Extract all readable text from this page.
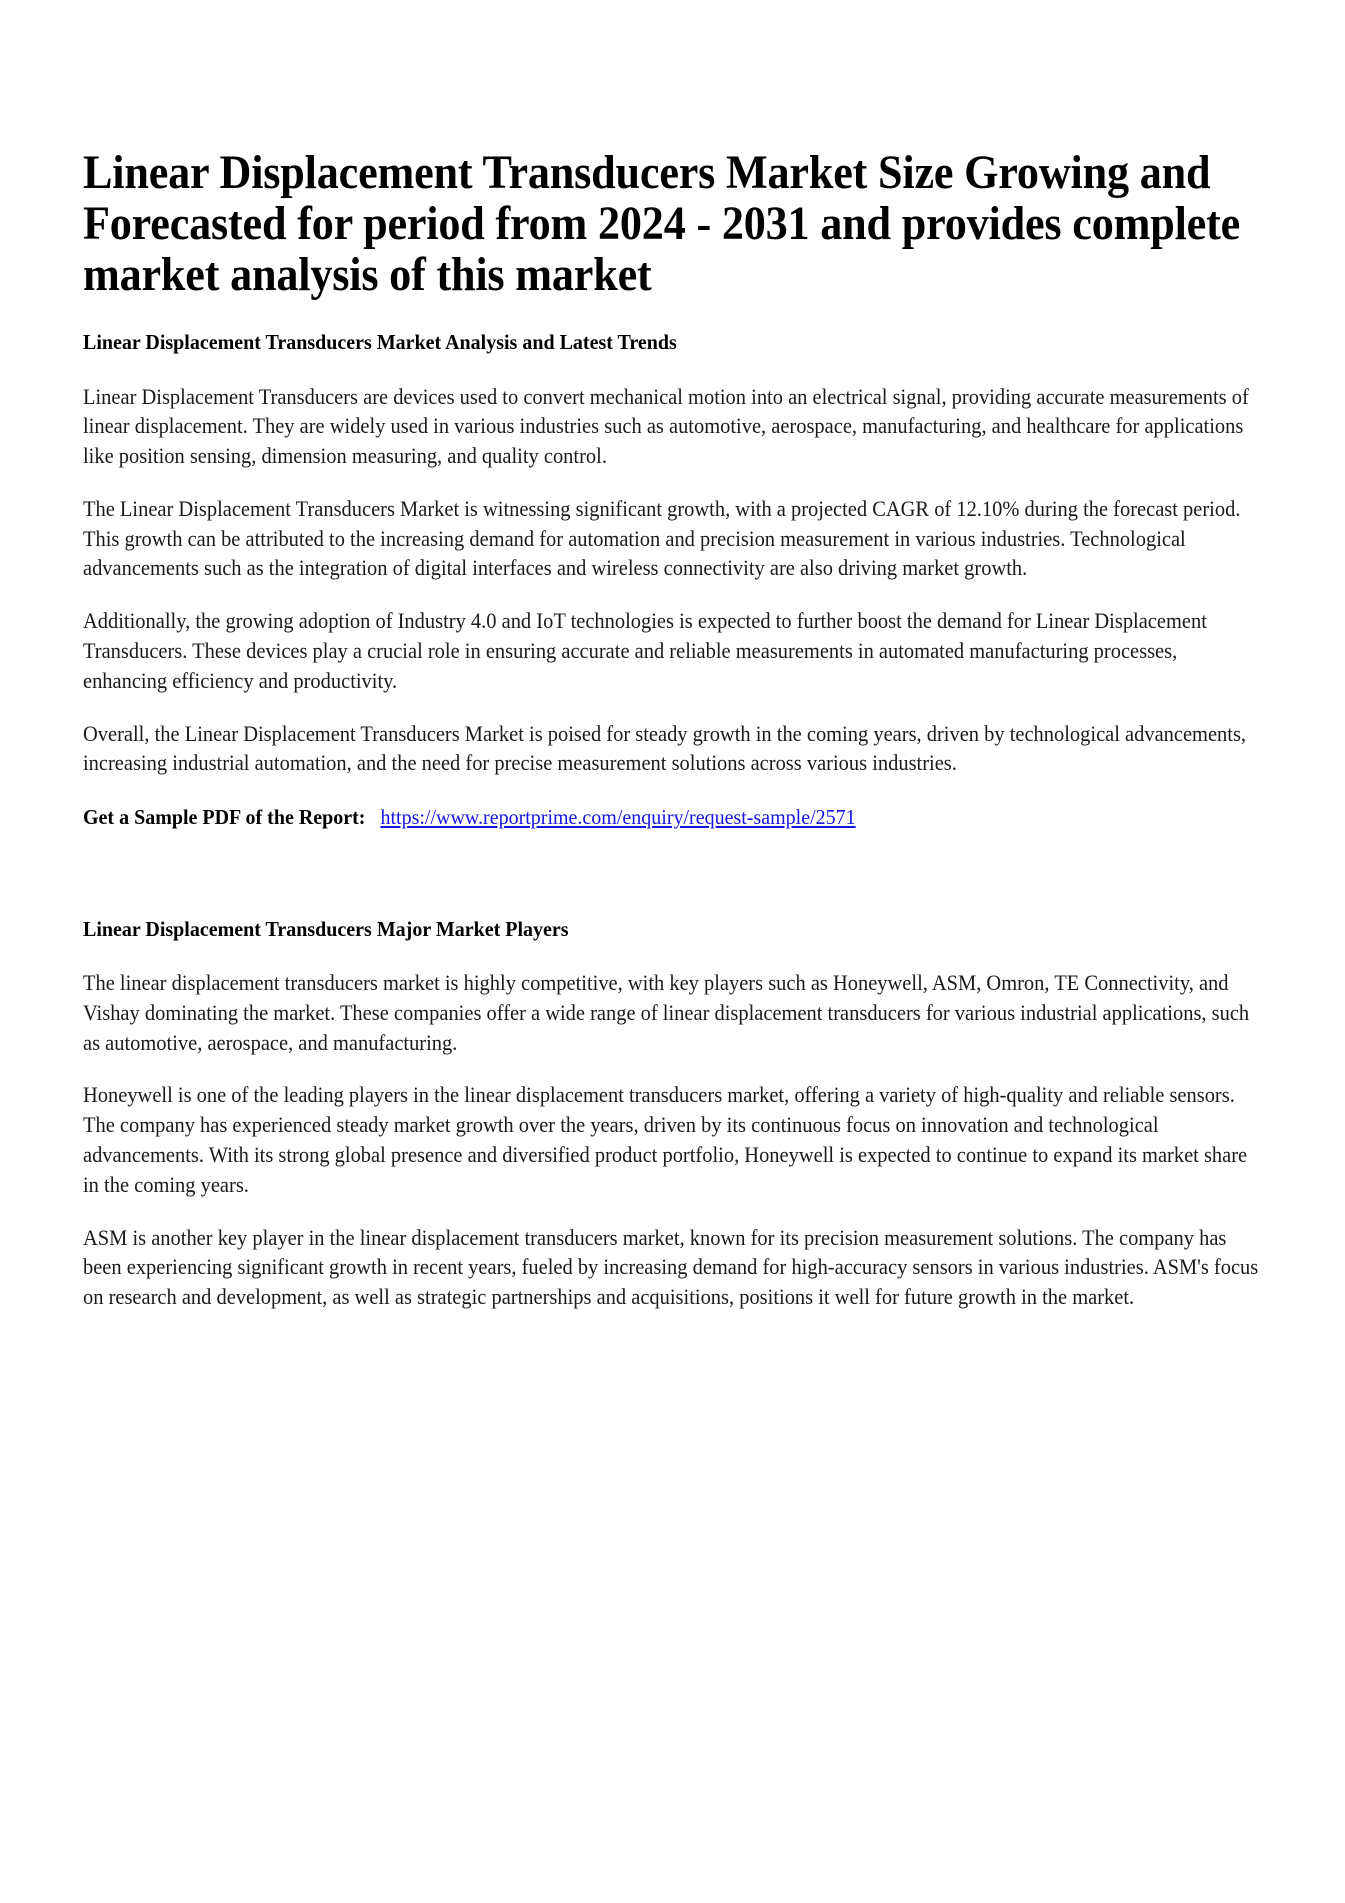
Linear Displacement Transducers Market Size Growing and Forecasted for period from 2024 - 2031 and provides complete market analysis of this market
Linear Displacement Transducers Market Analysis and Latest Trends

Linear Displacement Transducers are devices used to convert mechanical motion into an electrical signal, providing accurate measurements of linear displacement. They are widely used in various industries such as automotive, aerospace, manufacturing, and healthcare for applications like position sensing, dimension measuring, and quality control.

The Linear Displacement Transducers Market is witnessing significant growth, with a projected CAGR of 12.10% during the forecast period. This growth can be attributed to the increasing demand for automation and precision measurement in various industries. Technological advancements such as the integration of digital interfaces and wireless connectivity are also driving market growth.

Additionally, the growing adoption of Industry 4.0 and IoT technologies is expected to further boost the demand for Linear Displacement Transducers. These devices play a crucial role in ensuring accurate and reliable measurements in automated manufacturing processes, enhancing efficiency and productivity.

Overall, the Linear Displacement Transducers Market is poised for steady growth in the coming years, driven by technological advancements, increasing industrial automation, and the need for precise measurement solutions across various industries.

Get a Sample PDF of the Report: https://www.reportprime.com/enquiry/request-sample/2571

Linear Displacement Transducers Major Market Players

The linear displacement transducers market is highly competitive, with key players such as Honeywell, ASM, Omron, TE Connectivity, and Vishay dominating the market. These companies offer a wide range of linear displacement transducers for various industrial applications, such as automotive, aerospace, and manufacturing.

Honeywell is one of the leading players in the linear displacement transducers market, offering a variety of high-quality and reliable sensors. The company has experienced steady market growth over the years, driven by its continuous focus on innovation and technological advancements. With its strong global presence and diversified product portfolio, Honeywell is expected to continue to expand its market share in the coming years.

ASM is another key player in the linear displacement transducers market, known for its precision measurement solutions. The company has been experiencing significant growth in recent years, fueled by increasing demand for high-accuracy sensors in various industries. ASM's focus on research and development, as well as strategic partnerships and acquisitions, positions it well for future growth in the market.
